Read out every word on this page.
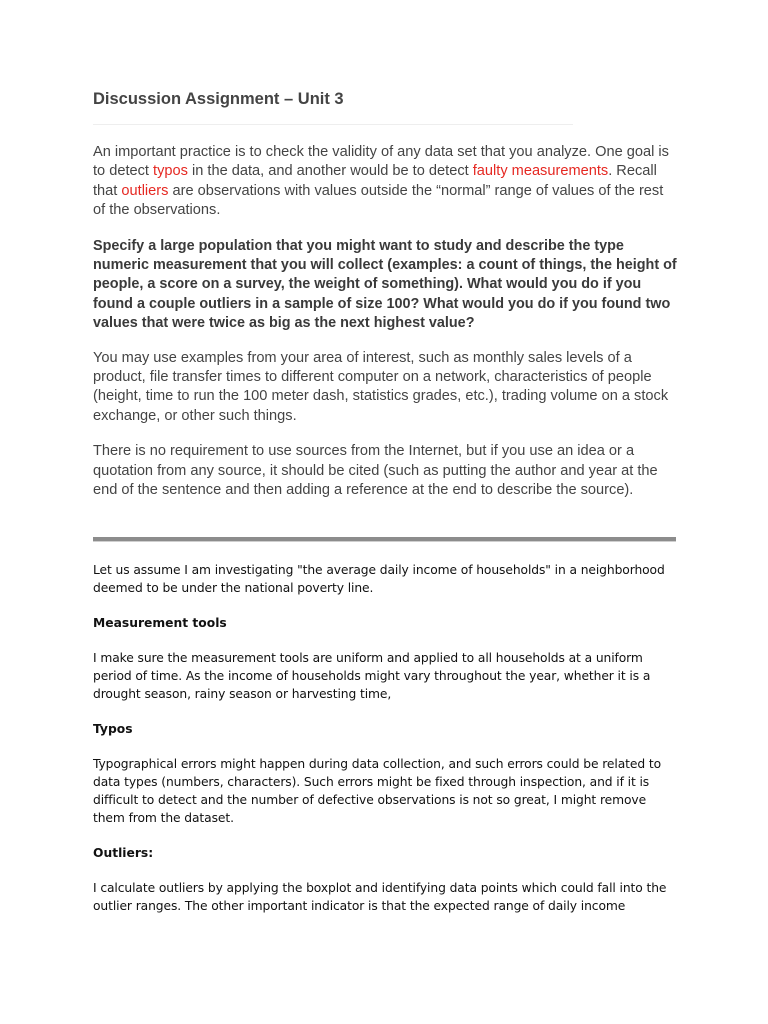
Discussion Assignment – Unit 3

An important practice is to check the validity of any data set that you analyze. One goal is to detect typos in the data, and another would be to detect faulty measurements. Recall that outliers are observations with values outside the “normal” range of values of the rest of the observations.

Specify a large population that you might want to study and describe the type numeric measurement that you will collect (examples: a count of things, the height of people, a score on a survey, the weight of something). What would you do if you found a couple outliers in a sample of size 100? What would you do if you found two values that were twice as big as the next highest value?

You may use examples from your area of interest, such as monthly sales levels of a product, file transfer times to different computer on a network, characteristics of people (height, time to run the 100 meter dash, statistics grades, etc.), trading volume on a stock exchange, or other such things.

There is no requirement to use sources from the Internet, but if you use an idea or a quotation from any source, it should be cited (such as putting the author and year at the end of the sentence and then adding a reference at the end to describe the source).

Let us assume I am investigating "the average daily income of households" in a neighborhood deemed to be under the national poverty line.

Measurement tools

I make sure the measurement tools are uniform and applied to all households at a uniform period of time. As the income of households might vary throughout the year, whether it is a drought season, rainy season or harvesting time,

Typos

Typographical errors might happen during data collection, and such errors could be related to data types (numbers, characters). Such errors might be fixed through inspection, and if it is difficult to detect and the number of defective observations is not so great, I might remove them from the dataset.

Outliers:

I calculate outliers by applying the boxplot and identifying data points which could fall into the outlier ranges. The other important indicator is that the expected range of daily income
